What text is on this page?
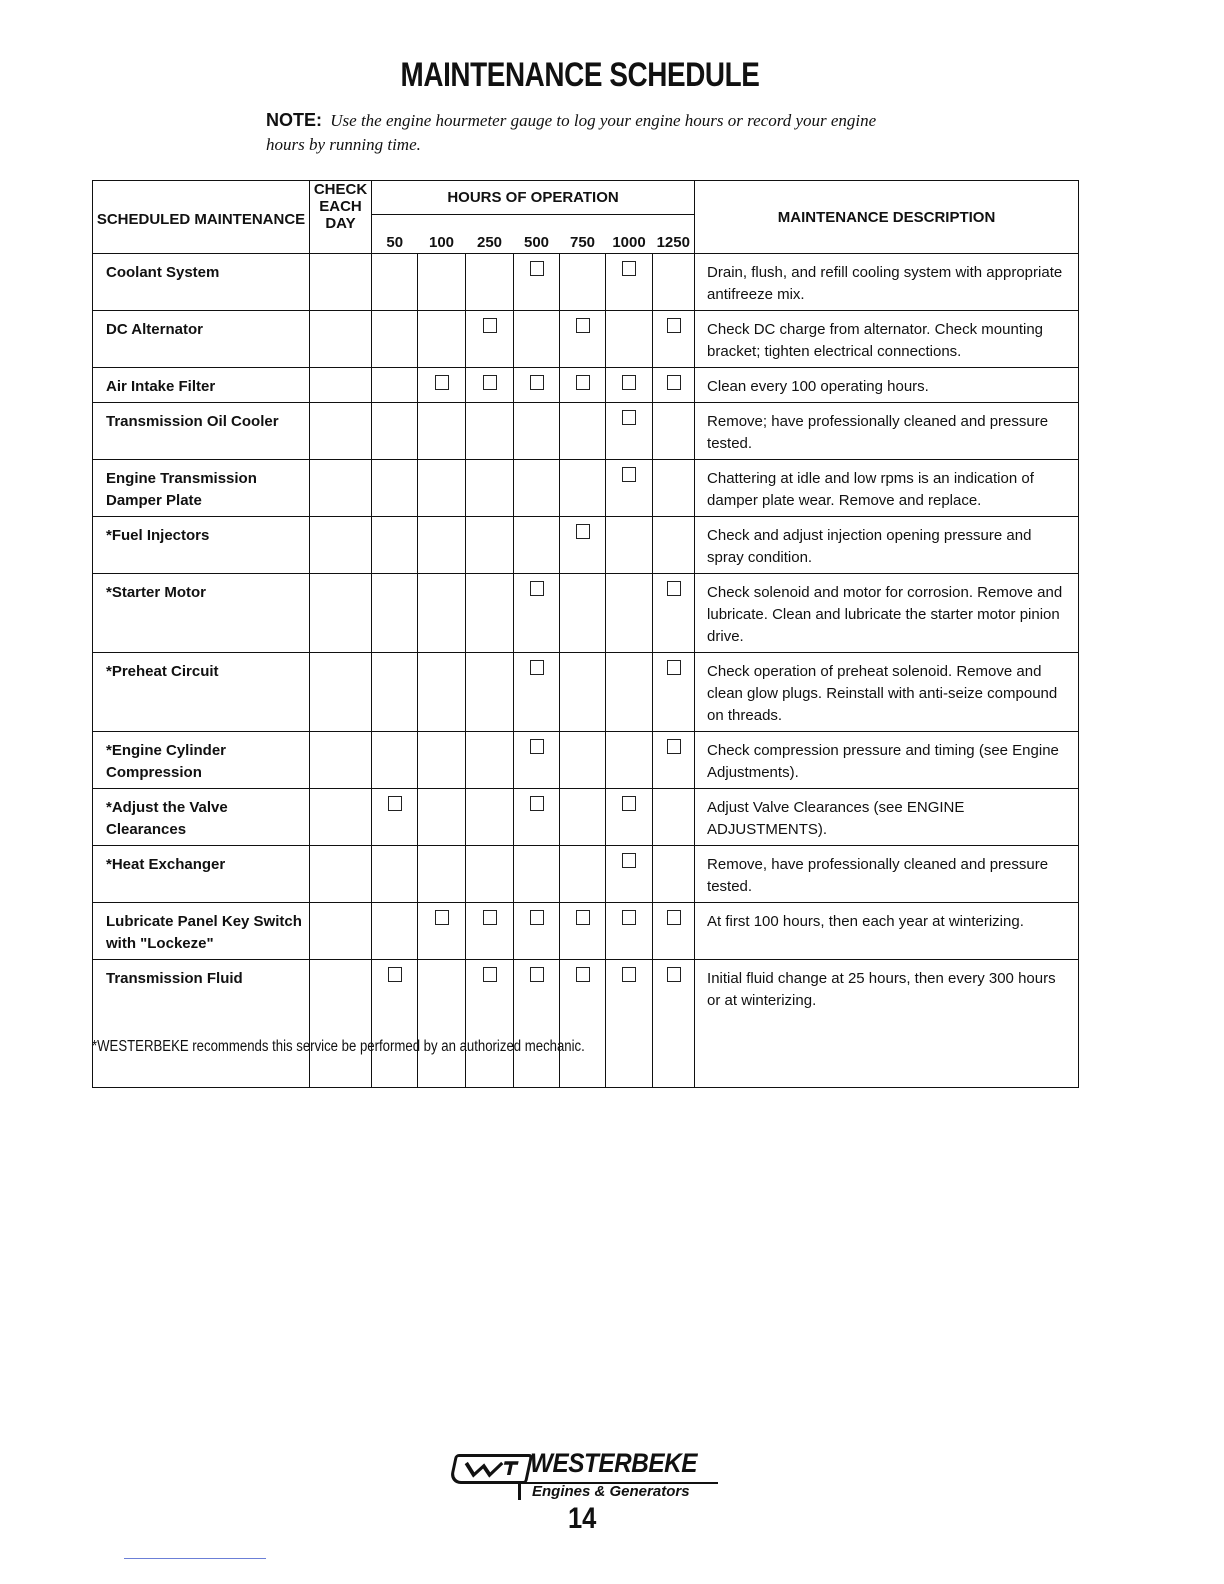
MAINTENANCE SCHEDULE
NOTE: Use the engine hourmeter gauge to log your engine hours or record your engine hours by running time.
SCHEDULED MAINTENANCE	CHECK EACH DAY	HOURS OF OPERATION							MAINTENANCE DESCRIPTION
		50	100	250	500	750	1000	1250	
Coolant System									Drain, flush, and refill cooling system with appropriate antifreeze mix.
DC Alternator									Check DC charge from alternator. Check mounting bracket; tighten electrical connections.
Air Intake Filter									Clean every 100 operating hours.
Transmission Oil Cooler									Remove; have professionally cleaned and pressure tested.
Engine Transmission Damper Plate									Chattering at idle and low rpms is an indication of damper plate wear. Remove and replace.
*Fuel Injectors									Check and adjust injection opening pressure and spray condition.
*Starter Motor									Check solenoid and motor for corrosion. Remove and lubricate. Clean and lubricate the starter motor pinion drive.
*Preheat Circuit									Check operation of preheat solenoid. Remove and clean glow plugs. Reinstall with anti-seize compound on threads.
*Engine Cylinder Compression									Check compression pressure and timing (see Engine Adjustments).
*Adjust the Valve Clearances									Adjust Valve Clearances (see ENGINE ADJUSTMENTS).
*Heat Exchanger									Remove, have professionally cleaned and pressure tested.
Lubricate Panel Key Switch with "Lockeze"									At first 100 hours, then each year at winterizing.
Transmission Fluid									Initial fluid change at 25 hours, then every 300 hours or at winterizing.
*WESTERBEKE recommends this service be performed by an authorized mechanic.
WESTERBEKE
Engines & Generators
14
